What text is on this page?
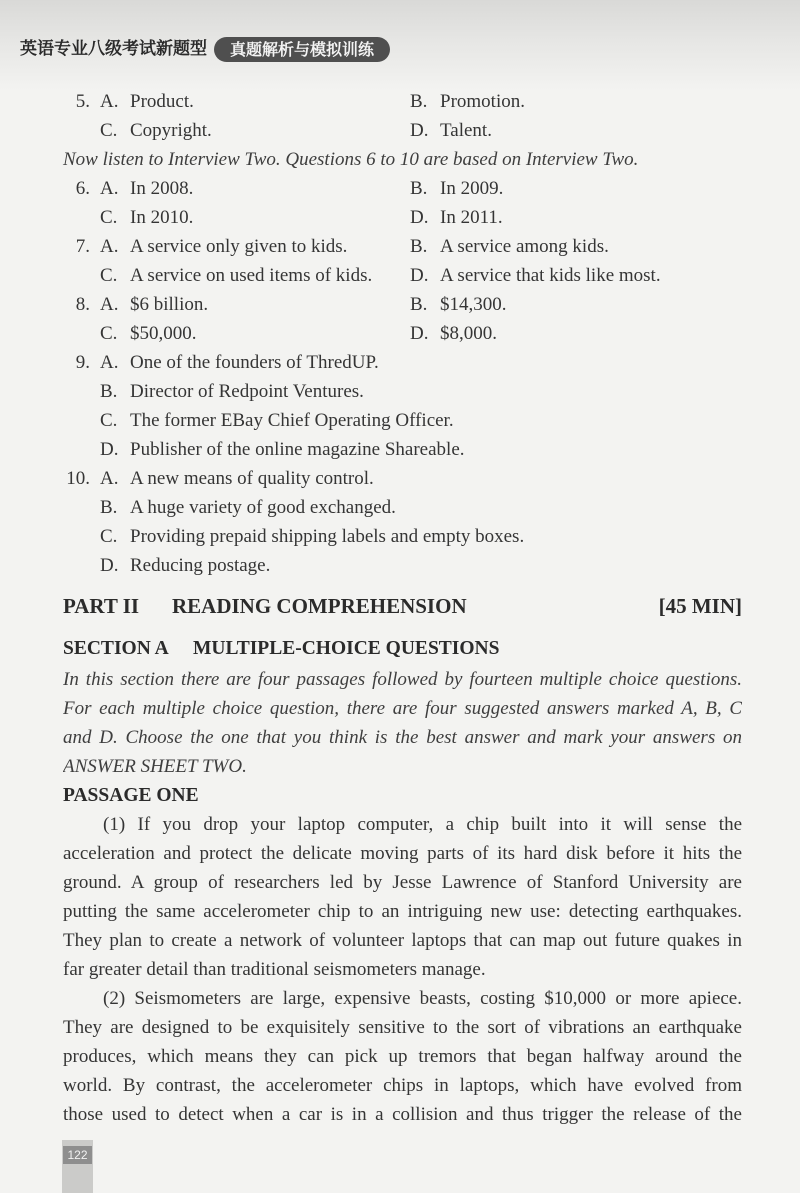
英语专业八级考试新题型	真题解析与模拟训练
5. A. Product.	B. Promotion.
C. Copyright.	D. Talent.
Now listen to Interview Two. Questions 6 to 10 are based on Interview Two.
6. A. In 2008.	B. In 2009.
C. In 2010.	D. In 2011.
7. A. A service only given to kids.	B. A service among kids.
C. A service on used items of kids. D. A service that kids like most.
8. A. $6 billion.	B. $14,300.
C. $50,000.	D. $8,000.
9. A. One of the founders of ThredUP.
B. Director of Redpoint Ventures.
C. The former EBay Chief Operating Officer.
D. Publisher of the online magazine Shareable.
10. A. A new means of quality control.
B. A huge variety of good exchanged.
C. Providing prepaid shipping labels and empty boxes.
D. Reducing postage.
PART II READING COMPREHENSION	[45 MIN]
SECTION A MULTIPLE-CHOICE QUESTIONS
In this section there are four passages followed by fourteen multiple choice questions.
For each multiple choice question, there are four suggested answers marked A, B, C
and D. Choose the one that you think is the best answer and mark your answers on
ANSWER SHEET TWO.
PASSAGE ONE
(1) If you drop your laptop computer, a chip built into it will sense the
acceleration and protect the delicate moving parts of its hard disk before it hits the
ground. A group of researchers led by Jesse Lawrence of Stanford University are
putting the same accelerometer chip to an intriguing new use: detecting earthquakes.
They plan to create a network of volunteer laptops that can map out future quakes in
far greater detail than traditional seismometers manage.
(2) Seismometers are large, expensive beasts, costing $10,000 or more apiece.
They are designed to be exquisitely sensitive to the sort of vibrations an earthquake
produces, which means they can pick up tremors that began halfway around the
world. By contrast, the accelerometer chips in laptops, which have evolved from
those used to detect when a car is in a collision and thus trigger the release of the
122
